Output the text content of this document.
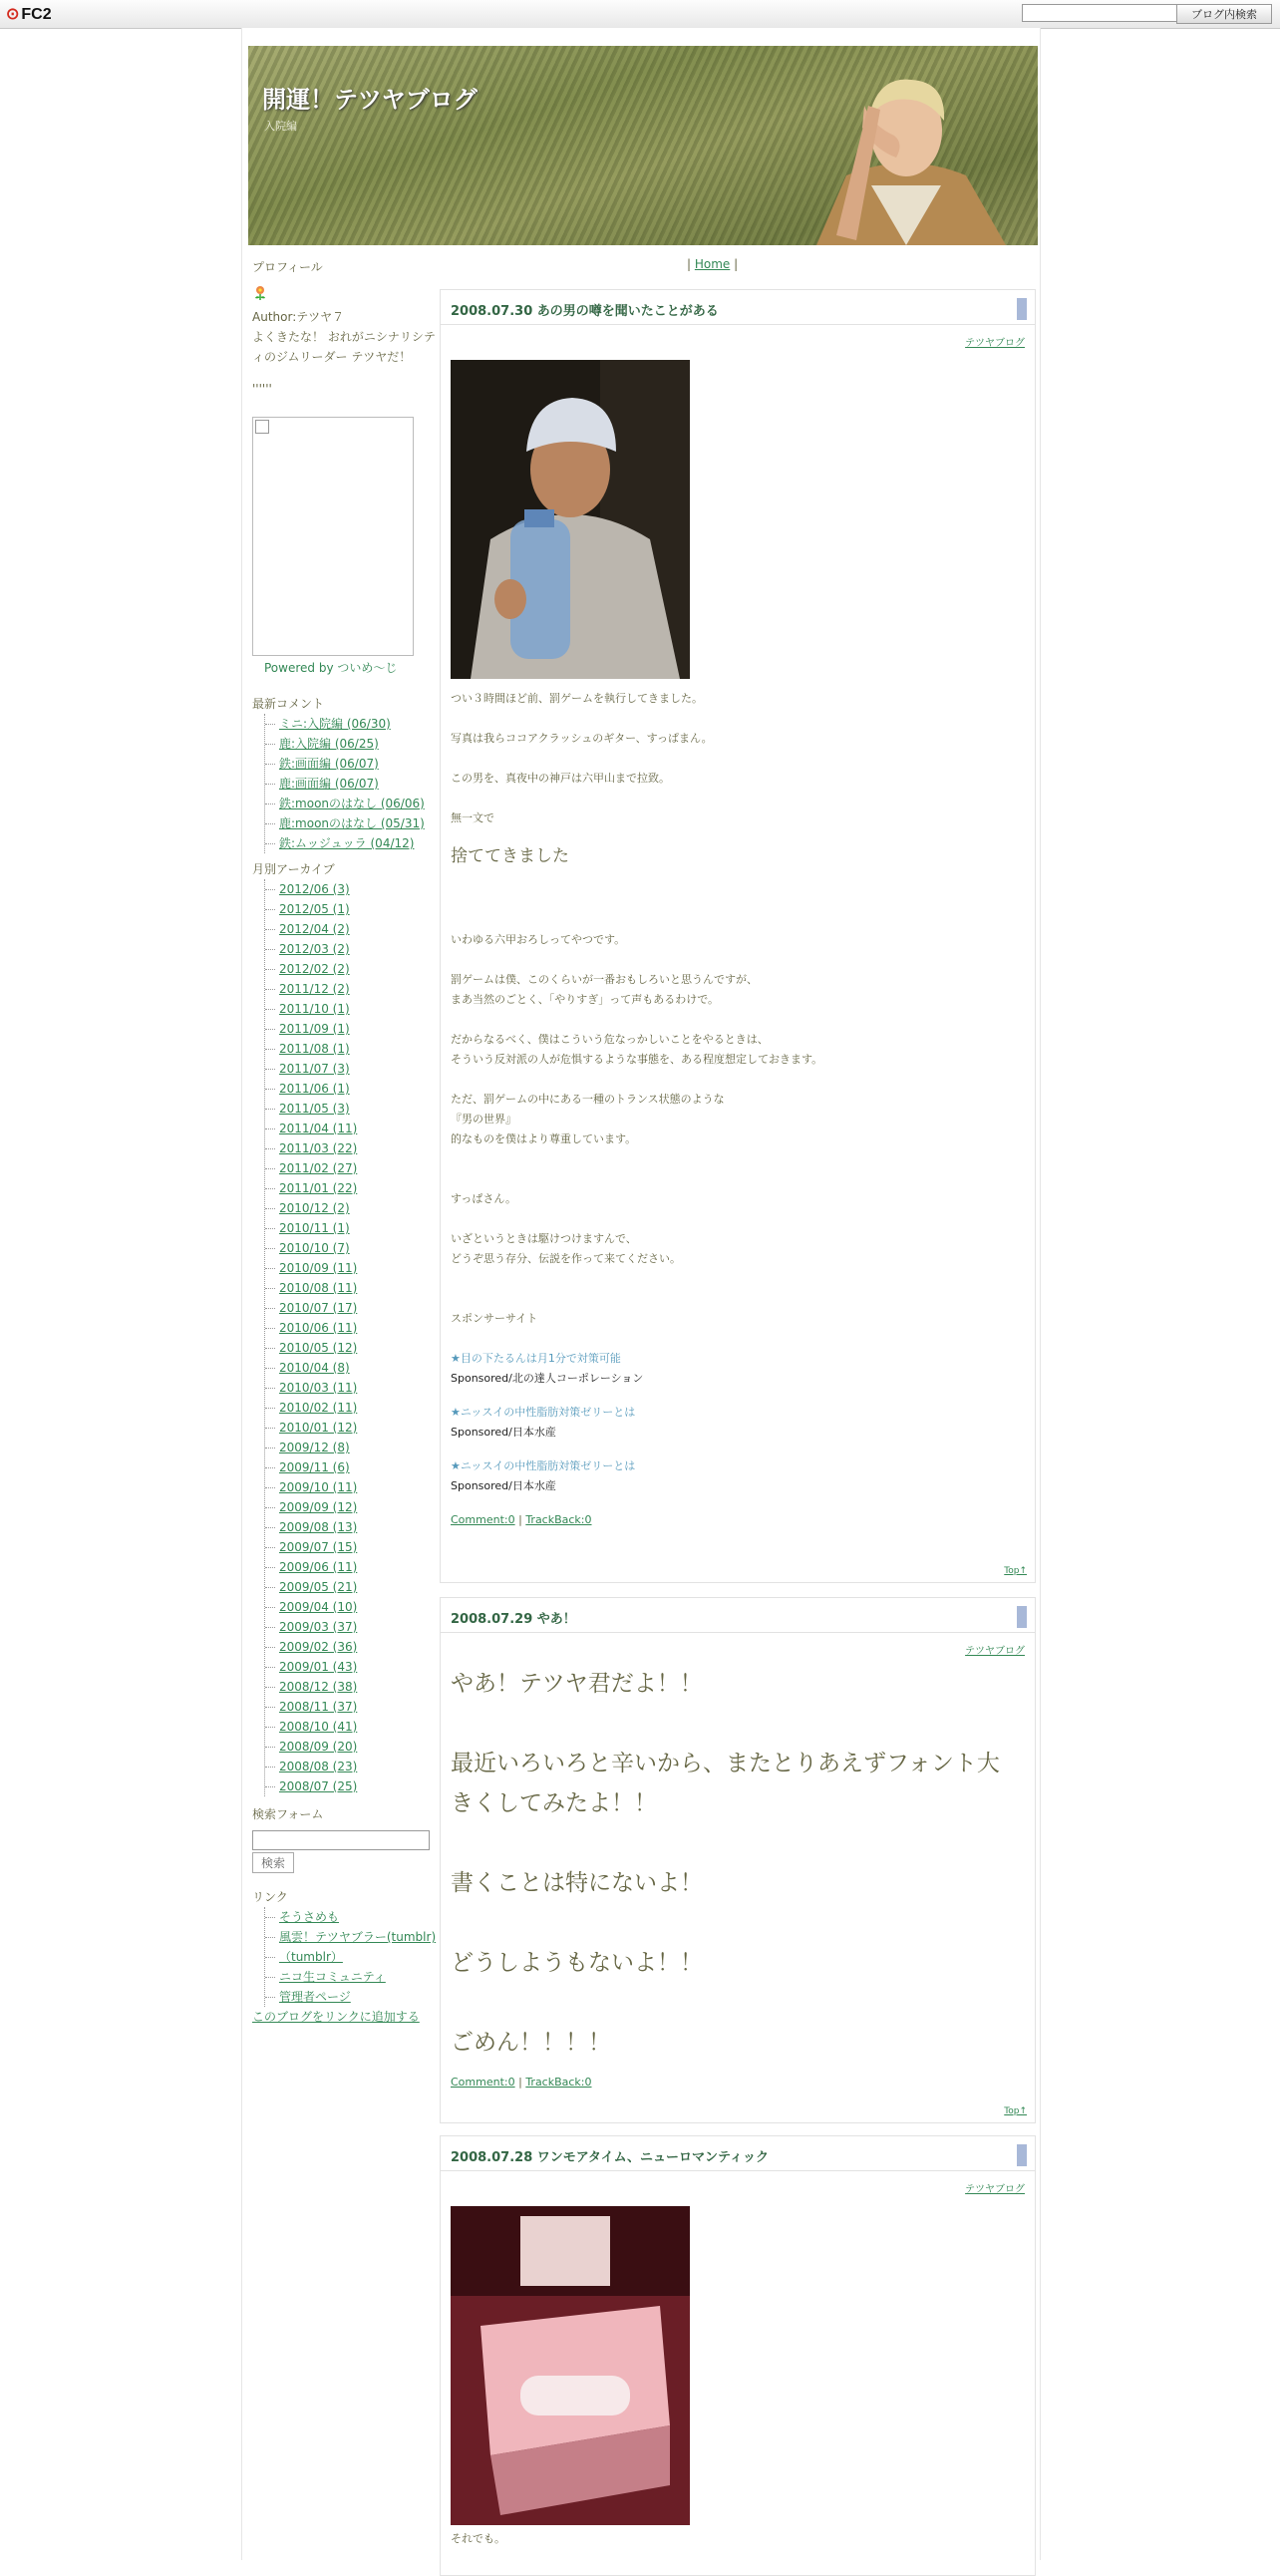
⊙ FC2	ブログ内検索
開運！テツヤブログ
入院編
| Home |

プロフィール

Author:テツヤ７
よくきたな！ おれがニシナリシティのジムリーダー テツヤだ！
''''''
Powered by ついめ～じ

最新コメント

ミニ:入院編 (06/30)
鹿:入院編 (06/25)
鉄:画面編 (06/07)
鹿:画面編 (06/07)
鉄:moonのはなし (06/06)
鹿:moonのはなし (05/31)
鉄:ムッジュッラ (04/12)

月別アーカイブ

2012/06 (3)
2012/05 (1)
2012/04 (2)
2012/03 (2)
2012/02 (2)
2011/12 (2)
2011/10 (1)
2011/09 (1)
2011/08 (1)
2011/07 (3)
2011/06 (1)
2011/05 (3)
2011/04 (11)
2011/03 (22)
2011/02 (27)
2011/01 (22)
2010/12 (2)
2010/11 (1)
2010/10 (7)
2010/09 (11)
2010/08 (11)
2010/07 (17)
2010/06 (11)
2010/05 (12)
2010/04 (8)
2010/03 (11)
2010/02 (11)
2010/01 (12)
2009/12 (8)
2009/11 (6)
2009/10 (11)
2009/09 (12)
2009/08 (13)
2009/07 (15)
2009/06 (11)
2009/05 (21)
2009/04 (10)
2009/03 (37)
2009/02 (36)
2009/01 (43)
2008/12 (38)
2008/11 (37)
2008/10 (41)
2008/09 (20)
2008/08 (23)
2008/07 (25)

検索フォーム

検索

リンク

そうさめも
風雲！テツヤブラー(tumblr)
（tumblr）
ニコ生コミュニティ
管理者ページ
このブログをリンクに追加する
2008.07.30 あの男の噂を聞いたことがある
テツヤブログ

つい３時間ほど前、罰ゲームを執行してきました。

写真は我らココアクラッシュのギター、すっぱまん。

この男を、真夜中の神戸は六甲山まで拉致。

無一文で

捨ててきました

いわゆる六甲おろしってやつです。

罰ゲームは僕、このくらいが一番おもしろいと思うんですが、

まあ当然のごとく、「やりすぎ」って声もあるわけで。

だからなるべく、僕はこういう危なっかしいことをやるときは、

そういう反対派の人が危惧するような事態を、ある程度想定しておきます。

ただ、罰ゲームの中にある一種のトランス状態のような

『男の世界』

的なものを僕はより尊重しています。

すっぱさん。

いざというときは駆けつけますんで、

どうぞ思う存分、伝説を作って来てください。

スポンサーサイト

★目の下たるんは月1分で対策可能

Sponsored/北の達人コーポレーション

★ニッスイの中性脂肪対策ゼリーとは

Sponsored/日本水産

★ニッスイの中性脂肪対策ゼリーとは

Sponsored/日本水産

Comment:0 | TrackBack:0

Top↑
2008.07.29 やあ！
テツヤブログ

やあ！テツヤ君だよ！！

最近いろいろと辛いから、またとりあえずフォント大きくしてみたよ！！

書くことは特にないよ！

どうしようもないよ！！

ごめん！！！！

Comment:0 | TrackBack:0

Top↑
2008.07.28 ワンモアタイム、ニューロマンティック
テツヤブログ

それでも。
